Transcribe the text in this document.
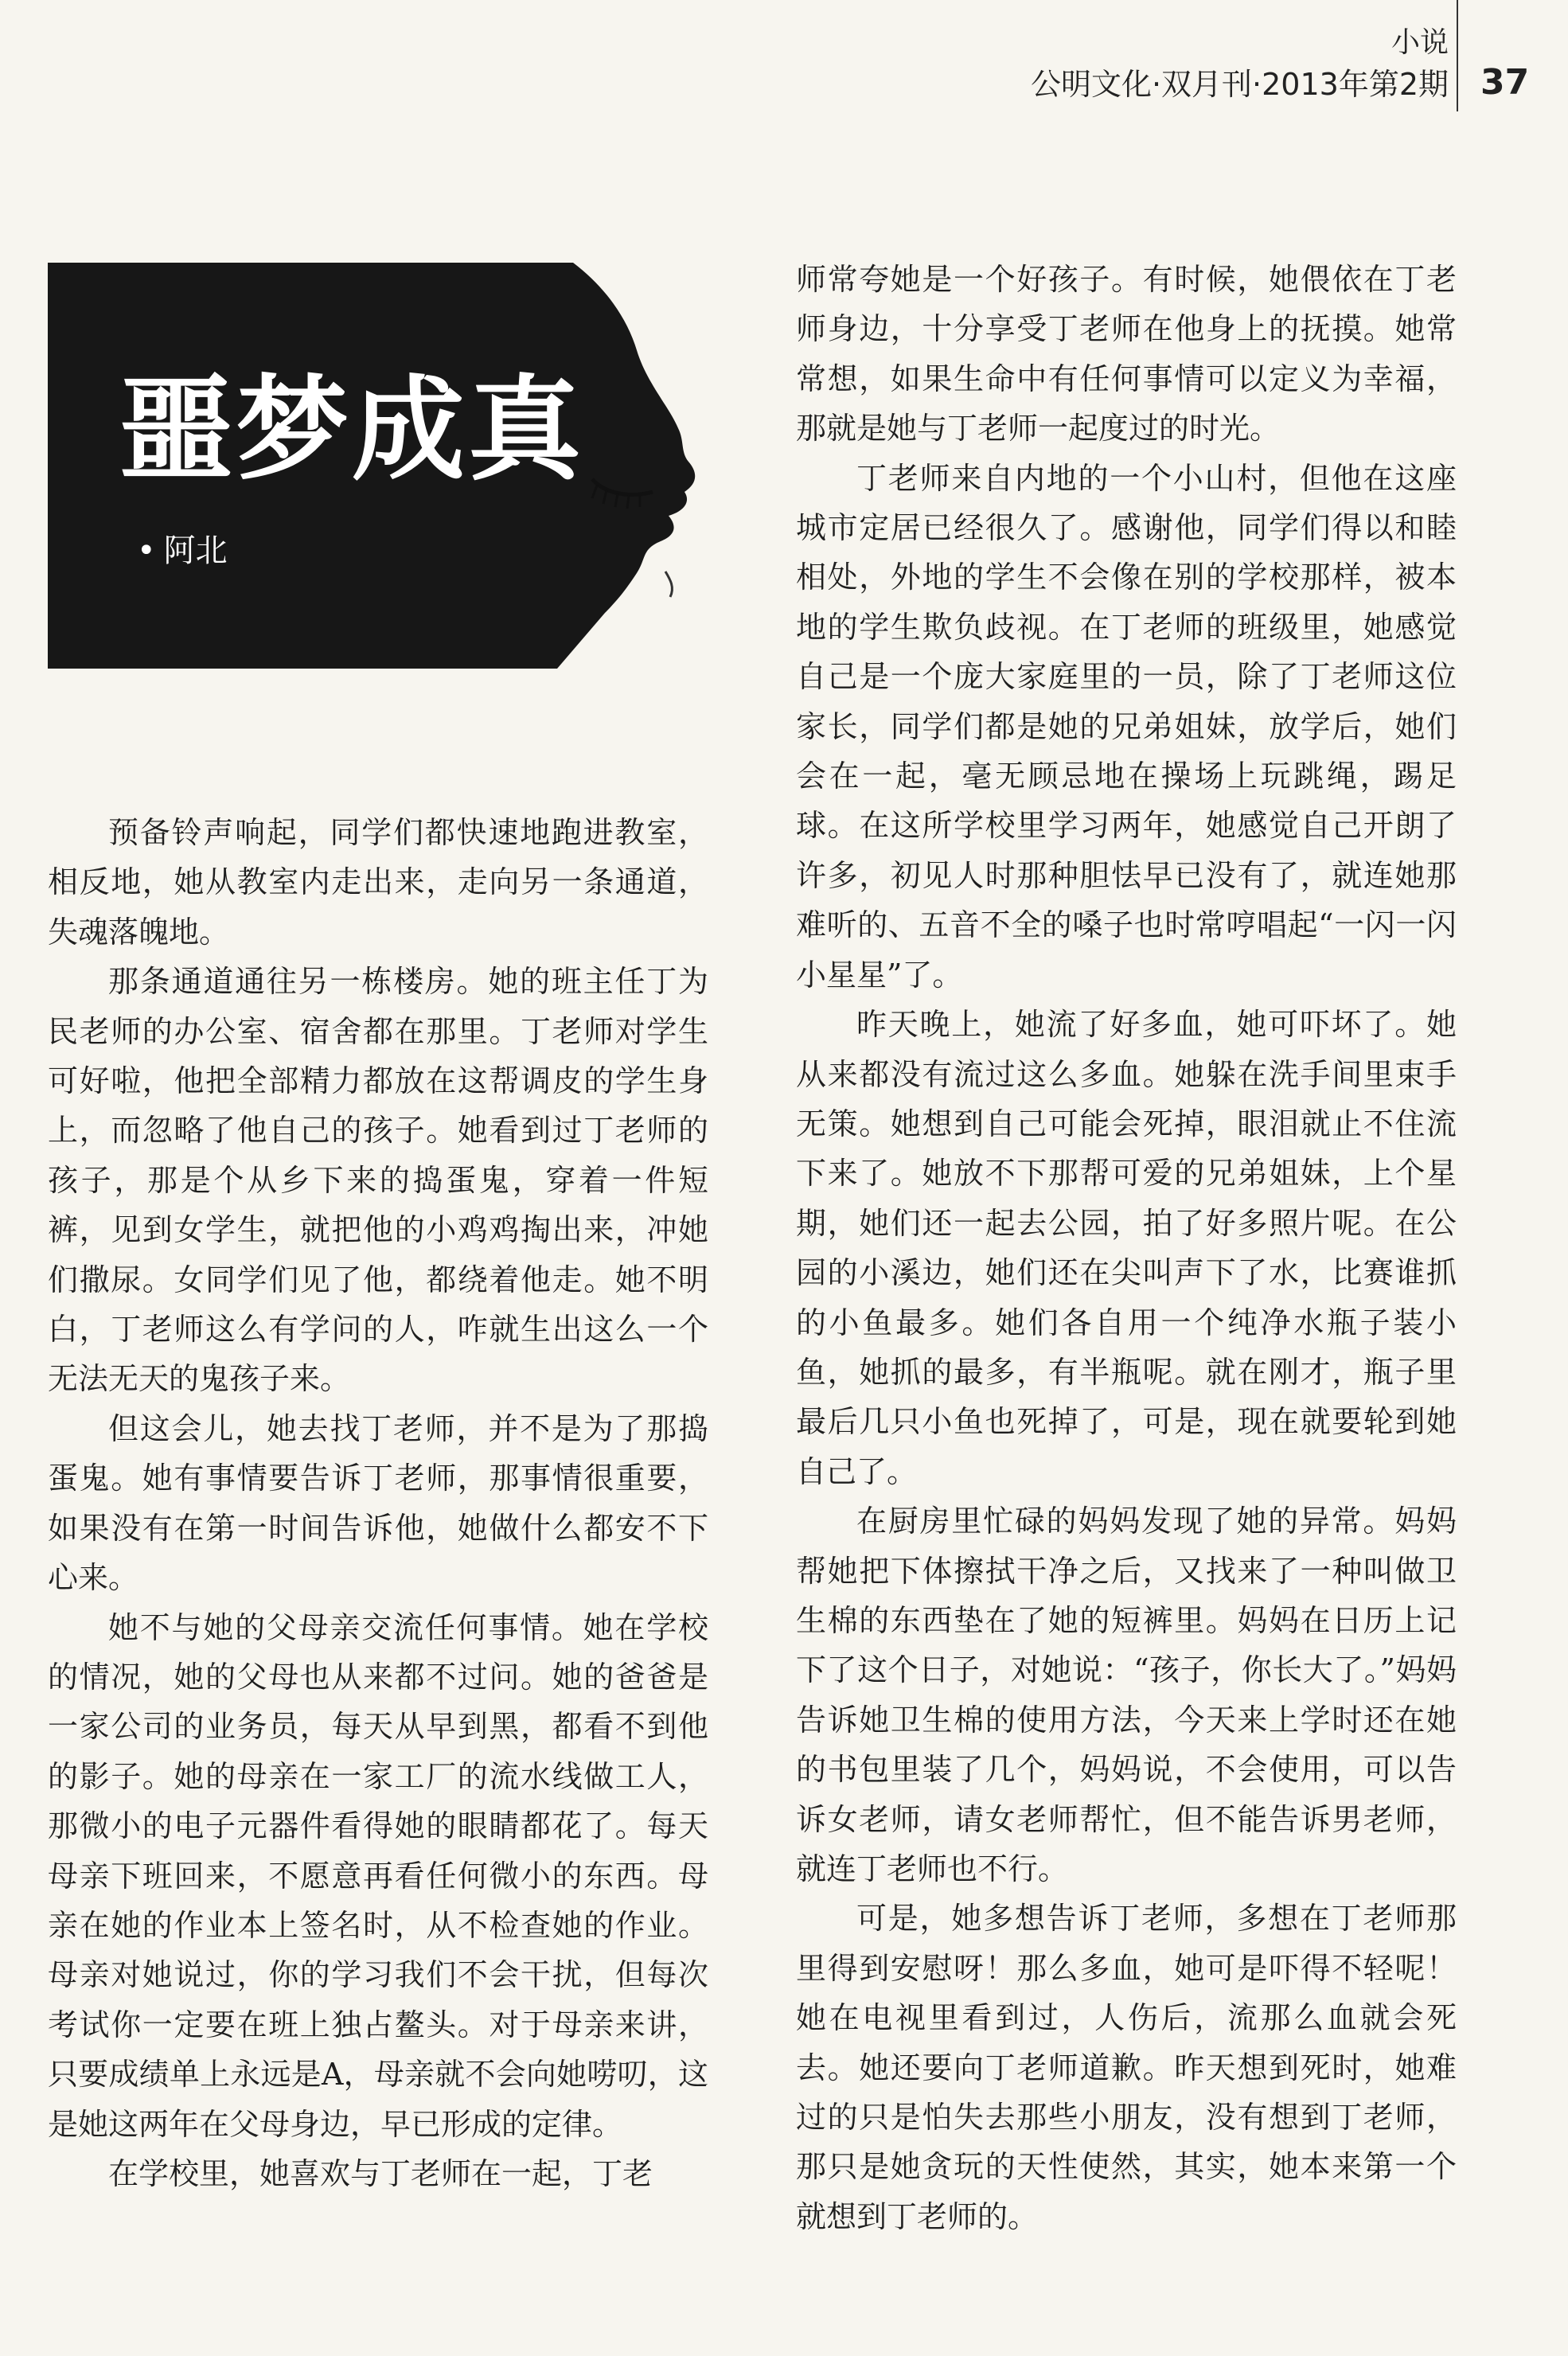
小说
公明文化·双月刊·2013年第2期 37
噩梦成真
• 阿北

预备铃声响起，同学们都快速地跑进教室，相反地，她从教室内走出来，走向另一条通道，失魂落魄地。

那条通道通往另一栋楼房。她的班主任丁为民老师的办公室、宿舍都在那里。丁老师对学生可好啦，他把全部精力都放在这帮调皮的学生身上，而忽略了他自己的孩子。她看到过丁老师的孩子，那是个从乡下来的捣蛋鬼，穿着一件短裤，见到女学生，就把他的小鸡鸡掏出来，冲她们撒尿。女同学们见了他，都绕着他走。她不明白，丁老师这么有学问的人，咋就生出这么一个无法无天的鬼孩子来。

但这会儿，她去找丁老师，并不是为了那捣蛋鬼。她有事情要告诉丁老师，那事情很重要，如果没有在第一时间告诉他，她做什么都安不下心来。

她不与她的父母亲交流任何事情。她在学校的情况，她的父母也从来都不过问。她的爸爸是一家公司的业务员，每天从早到黑，都看不到他的影子。她的母亲在一家工厂的流水线做工人，那微小的电子元器件看得她的眼睛都花了。每天母亲下班回来，不愿意再看任何微小的东西。母亲在她的作业本上签名时，从不检查她的作业。母亲对她说过，你的学习我们不会干扰，但每次考试你一定要在班上独占鳌头。对于母亲来讲，只要成绩单上永远是A，母亲就不会向她唠叨，这是她这两年在父母身边，早已形成的定律。

在学校里，她喜欢与丁老师在一起，丁老

师常夸她是一个好孩子。有时候，她偎依在丁老师身边，十分享受丁老师在他身上的抚摸。她常常想，如果生命中有任何事情可以定义为幸福，那就是她与丁老师一起度过的时光。

丁老师来自内地的一个小山村，但他在这座城市定居已经很久了。感谢他，同学们得以和睦相处，外地的学生不会像在别的学校那样，被本地的学生欺负歧视。在丁老师的班级里，她感觉自己是一个庞大家庭里的一员，除了丁老师这位家长，同学们都是她的兄弟姐妹，放学后，她们会在一起，毫无顾忌地在操场上玩跳绳，踢足球。在这所学校里学习两年，她感觉自己开朗了许多，初见人时那种胆怯早已没有了，就连她那难听的、五音不全的嗓子也时常哼唱起“一闪一闪小星星”了。

昨天晚上，她流了好多血，她可吓坏了。她从来都没有流过这么多血。她躲在洗手间里束手无策。她想到自己可能会死掉，眼泪就止不住流下来了。她放不下那帮可爱的兄弟姐妹，上个星期，她们还一起去公园，拍了好多照片呢。在公园的小溪边，她们还在尖叫声下了水，比赛谁抓的小鱼最多。她们各自用一个纯净水瓶子装小鱼，她抓的最多，有半瓶呢。就在刚才，瓶子里最后几只小鱼也死掉了，可是，现在就要轮到她自己了。

在厨房里忙碌的妈妈发现了她的异常。妈妈帮她把下体擦拭干净之后，又找来了一种叫做卫生棉的东西垫在了她的短裤里。妈妈在日历上记下了这个日子，对她说：“孩子，你长大了。”妈妈告诉她卫生棉的使用方法，今天来上学时还在她的书包里装了几个，妈妈说，不会使用，可以告诉女老师，请女老师帮忙，但不能告诉男老师，就连丁老师也不行。

可是，她多想告诉丁老师，多想在丁老师那里得到安慰呀！那么多血，她可是吓得不轻呢！她在电视里看到过，人伤后，流那么血就会死去。她还要向丁老师道歉。昨天想到死时，她难过的只是怕失去那些小朋友，没有想到丁老师，那只是她贪玩的天性使然，其实，她本来第一个就想到丁老师的。
